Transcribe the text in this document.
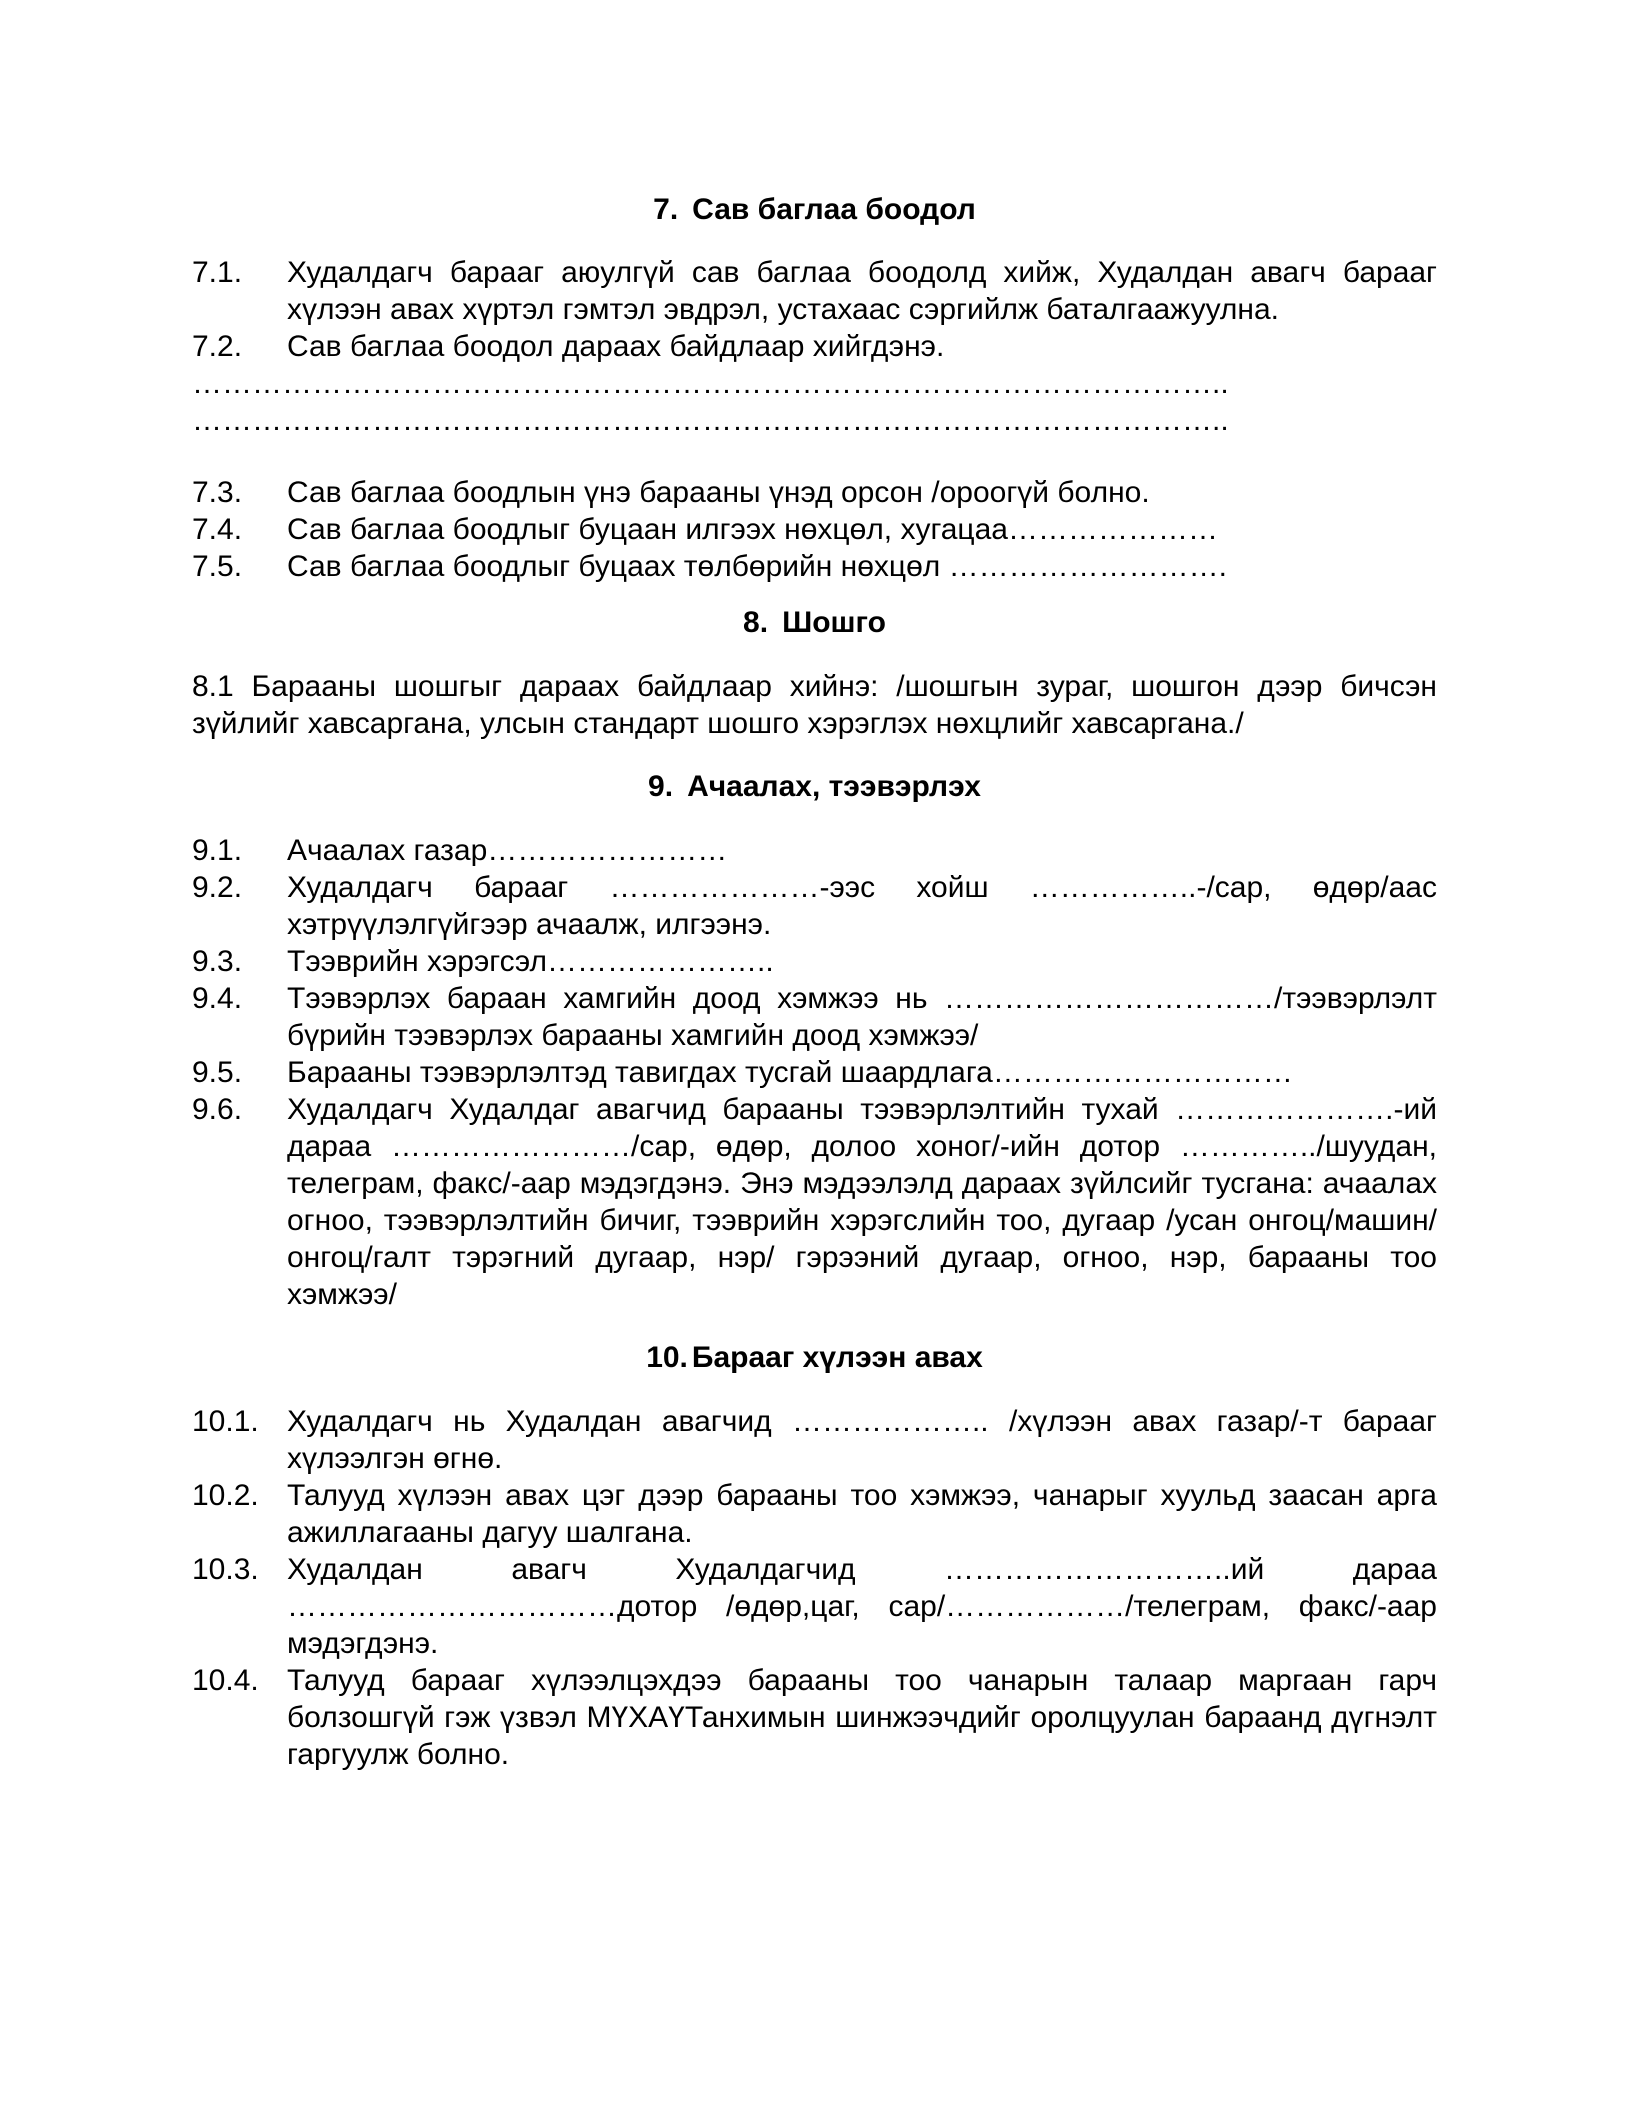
7. Сав баглаа боодол
7.1.	Худалдагч барааг аюулгүй сав баглаа боодолд хийж, Худалдан авагч барааг хүлээн авах хүртэл гэмтэл эвдрэл, устахаас сэргийлж баталгаажуулна.
7.2.	Сав баглаа боодол дараах байдлаар хийгдэнэ.
…………………………………………………………………………………………..
…………………………………………………………………………………………..
7.3.	Сав баглаа боодлын үнэ барааны үнэд орсон /ороогүй болно.
7.4.	Сав баглаа боодлыг буцаан илгээх нөхцөл, хугацаа…………………
7.5.	Сав баглаа боодлыг буцаах төлбөрийн нөхцөл ……………………….
8. Шошго

8.1 Барааны шошгыг дараах байдлаар хийнэ: /шошгын зураг, шошгон дээр бичсэн зүйлийг хавсаргана, улсын стандарт шошго хэрэглэх нөхцлийг хавсаргана./

9. Ачаалах, тээвэрлэх
9.1.	Ачаалах газар……………………
9.2.	Худалдагч барааг …………………-ээс хойш ……………..-/сар, өдөр/аас хэтрүүлэлгүйгээр ачаалж, илгээнэ.
9.3.	Тээврийн хэрэгсэл…………………..
9.4.	Тээвэрлэх бараан хамгийн доод хэмжээ нь ……………………………/тээвэрлэлт бүрийн тээвэрлэх барааны хамгийн доод хэмжээ/
9.5.	Барааны тээвэрлэлтэд тавигдах тусгай шаардлага…………………………
9.6.	Худалдагч Худалдаг авагчид барааны тээвэрлэлтийн тухай ………………….-ий дараа ……………………/сар, өдөр, долоо хоног/-ийн дотор …………../шуудан, телеграм, факс/-аар мэдэгдэнэ. Энэ мэдээлэлд дараах зүйлсийг тусгана: ачаалах огноо, тээвэрлэлтийн бичиг, тээврийн хэрэгслийн тоо, дугаар /усан онгоц/машин/онгоц/галт тэрэгний дугаар, нэр/ гэрээний дугаар, огноо, нэр, барааны тоо хэмжээ/
10. Барааг хүлээн авах
10.1. Худалдагч нь Худалдан авагчид ……………….. /хүлээн авах газар/-т барааг хүлээлгэн өгнө.
10.2. Талууд хүлээн авах цэг дээр барааны тоо хэмжээ, чанарыг хуульд заасан арга ажиллагааны дагуу шалгана.
10.3. Худалдан авагч Худалдагчид ………………………..ий дараа ……………………………дотор /өдөр,цаг, сар/………………/телеграм, факс/-аар мэдэгдэнэ.
10.4. Талууд барааг хүлээлцэхдээ барааны тоо чанарын талаар маргаан гарч болзошгүй гэж үзвэл МҮХАҮТанхимын шинжээчдийг оролцуулан бараанд дүгнэлт гаргуулж болно.
